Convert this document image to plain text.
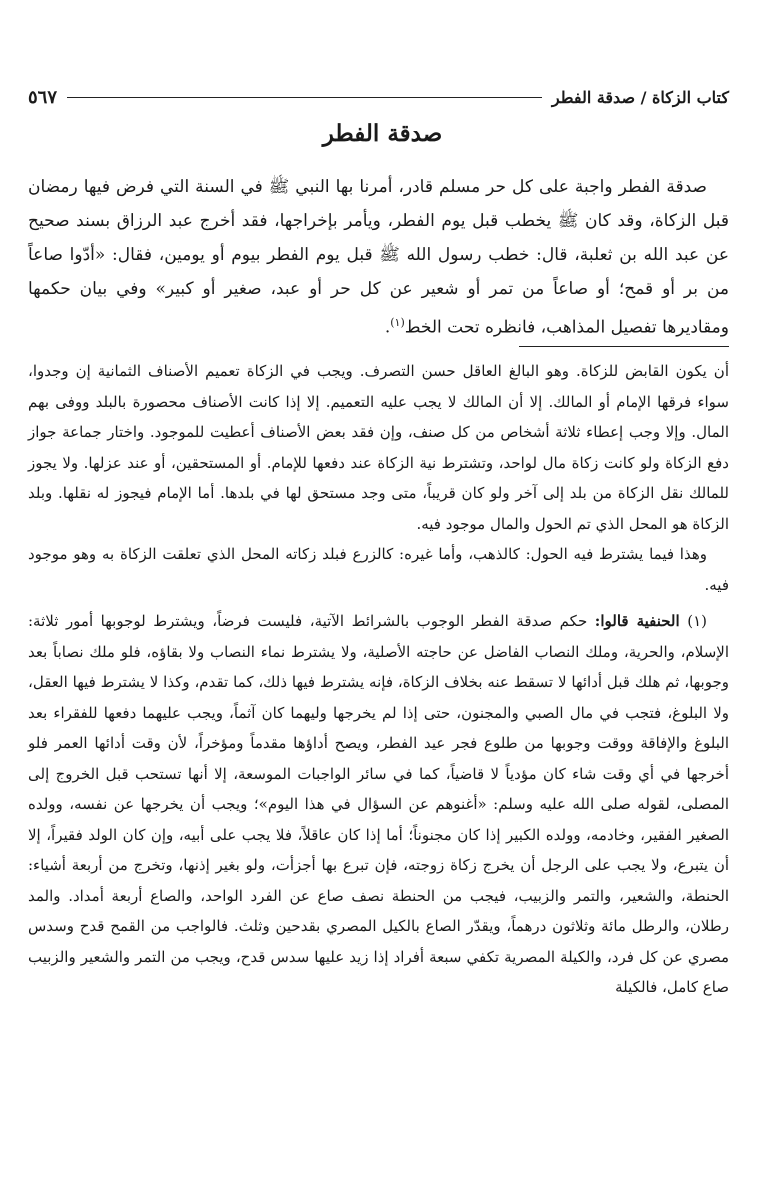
كتاب الزكاة / صدقة الفطر
٥٦٧
صدقة الفطر

صدقة الفطر واجبة على كل حر مسلم قادر، أمرنا بها النبي ﷺ في السنة التي فرض فيها رمضان قبل الزكاة، وقد كان ﷺ يخطب قبل يوم الفطر، ويأمر بإخراجها، فقد أخرج عبد الرزاق بسند صحيح عن عبد الله بن ثعلبة، قال: خطب رسول الله ﷺ قبل يوم الفطر بيوم أو يومين، فقال: «أدّوا صاعاً من بر أو قمح؛ أو صاعاً من تمر أو شعير عن كل حر أو عبد، صغير أو كبير» وفي بيان حكمها ومقاديرها تفصيل المذاهب، فانظره تحت الخط$^{(١)}$.

أن يكون القابض للزكاة. وهو البالغ العاقل حسن التصرف. ويجب في الزكاة تعميم الأصناف الثمانية إن وجدوا، سواء فرقها الإمام أو المالك. إلا أن المالك لا يجب عليه التعميم. إلا إذا كانت الأصناف محصورة بالبلد ووفى بهم المال. وإلا وجب إعطاء ثلاثة أشخاص من كل صنف، وإن فقد بعض الأصناف أعطيت للموجود. واختار جماعة جواز دفع الزكاة ولو كانت زكاة مال لواحد، وتشترط نية الزكاة عند دفعها للإمام. أو المستحقين، أو عند عزلها. ولا يجوز للمالك نقل الزكاة من بلد إلى آخر ولو كان قريباً، متى وجد مستحق لها في بلدها. أما الإمام فيجوز له نقلها. وبلد الزكاة هو المحل الذي تم الحول والمال موجود فيه.

وهذا فيما يشترط فيه الحول: كالذهب، وأما غيره: كالزرع فبلد زكاته المحل الذي تعلقت الزكاة به وهو موجود فيه.

(١) الحنفية قالوا: حكم صدقة الفطر الوجوب بالشرائط الآتية، فليست فرضاً، ويشترط لوجوبها أمور ثلاثة: الإسلام، والحرية، وملك النصاب الفاضل عن حاجته الأصلية، ولا يشترط نماء النصاب ولا بقاؤه، فلو ملك نصاباً بعد وجوبها، ثم هلك قبل أدائها لا تسقط عنه بخلاف الزكاة، فإنه يشترط فيها ذلك، كما تقدم، وكذا لا يشترط فيها العقل، ولا البلوغ، فتجب في مال الصبي والمجنون، حتى إذا لم يخرجها وليهما كان آثماً، ويجب عليهما دفعها للفقراء بعد البلوغ والإفاقة ووقت وجوبها من طلوع فجر عيد الفطر، ويصح أداؤها مقدماً ومؤخراً، لأن وقت أدائها العمر فلو أخرجها في أي وقت شاء كان مؤدياً لا قاضياً، كما في سائر الواجبات الموسعة، إلا أنها تستحب قبل الخروج إلى المصلى، لقوله صلى الله عليه وسلم: «أغنوهم عن السؤال في هذا اليوم»؛ ويجب أن يخرجها عن نفسه، وولده الصغير الفقير، وخادمه، وولده الكبير إذا كان مجنوناً؛ أما إذا كان عاقلاً، فلا يجب على أبيه، وإن كان الولد فقيراً، إلا أن يتبرع، ولا يجب على الرجل أن يخرج زكاة زوجته، فإن تبرع بها أجزأت، ولو بغير إذنها، وتخرج من أربعة أشياء: الحنطة، والشعير، والتمر والزبيب، فيجب من الحنطة نصف صاع عن الفرد الواحد، والصاع أربعة أمداد. والمد رطلان، والرطل مائة وثلاثون درهماً، ويقدّر الصاع بالكيل المصري بقدحين وثلث. فالواجب من القمح قدح وسدس مصري عن كل فرد، والكيلة المصرية تكفي سبعة أفراد إذا زيد عليها سدس قدح، ويجب من التمر والشعير والزبيب صاع كامل، فالكيلة
